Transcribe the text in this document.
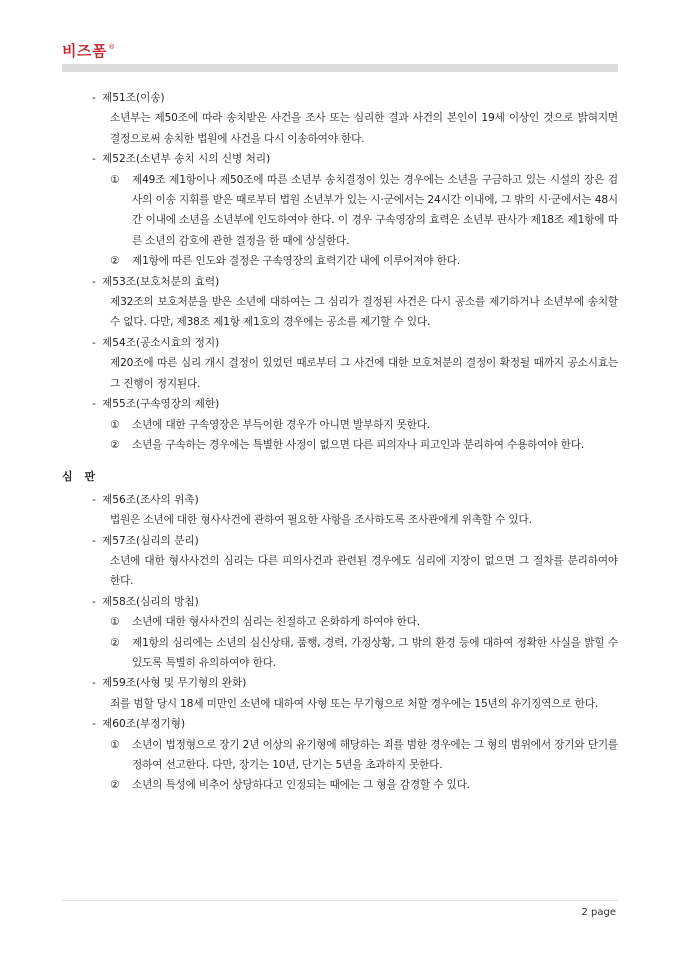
비즈폼 ®

- 제51조(이송)

소년부는 제50조에 따라 송치받은 사건을 조사 또는 심리한 결과 사건의 본인이 19세 이상인 것으로 밝혀지면 결정으로써 송치한 법원에 사건을 다시 이송하여야 한다.

- 제52조(소년부 송치 시의 신병 처리)

① 제49조 제1항이나 제50조에 따른 소년부 송치결정이 있는 경우에는 소년을 구금하고 있는 시설의 장은 검사의 이송 지휘를 받은 때로부터 법원 소년부가 있는 시·군에서는 24시간 이내에, 그 밖의 시·군에서는 48시간 이내에 소년을 소년부에 인도하여야 한다. 이 경우 구속영장의 효력은 소년부 판사가 제18조 제1항에 따른 소년의 감호에 관한 결정을 한 때에 상실한다.

② 제1항에 따른 인도와 결정은 구속영장의 효력기간 내에 이루어져야 한다.

- 제53조(보호처분의 효력)

제32조의 보호처분을 받은 소년에 대하여는 그 심리가 결정된 사건은 다시 공소를 제기하거나 소년부에 송치할 수 없다. 다만, 제38조 제1항 제1호의 경우에는 공소를 제기할 수 있다.

- 제54조(공소시효의 정지)

제20조에 따른 심리 개시 결정이 있었던 때로부터 그 사건에 대한 보호처분의 결정이 확정될 때까지 공소시효는 그 진행이 정지된다.

- 제55조(구속영장의 제한)

① 소년에 대한 구속영장은 부득이한 경우가 아니면 발부하지 못한다.

② 소년을 구속하는 경우에는 특별한 사정이 없으면 다른 피의자나 피고인과 분리하여 수용하여야 한다.

심 판

- 제56조(조사의 위촉)

법원은 소년에 대한 형사사건에 관하여 필요한 사항을 조사하도록 조사관에게 위촉할 수 있다.

- 제57조(심리의 분리)

소년에 대한 형사사건의 심리는 다른 피의사건과 관련된 경우에도 심리에 지장이 없으면 그 절차를 분리하여야 한다.

- 제58조(심리의 방침)

① 소년에 대한 형사사건의 심리는 친절하고 온화하게 하여야 한다.

② 제1항의 심리에는 소년의 심신상태, 품행, 경력, 가정상황, 그 밖의 환경 등에 대하여 정확한 사실을 밝힐 수 있도록 특별히 유의하여야 한다.

- 제59조(사형 및 무기형의 완화)

죄를 범할 당시 18세 미만인 소년에 대하여 사형 또는 무기형으로 처할 경우에는 15년의 유기징역으로 한다.

- 제60조(부정기형)

① 소년이 법정형으로 장기 2년 이상의 유기형에 해당하는 죄를 범한 경우에는 그 형의 범위에서 장기와 단기를 정하여 선고한다. 다만, 장기는 10년, 단기는 5년을 초과하지 못한다.

② 소년의 특성에 비추어 상당하다고 인정되는 때에는 그 형을 감경할 수 있다.

2 page
